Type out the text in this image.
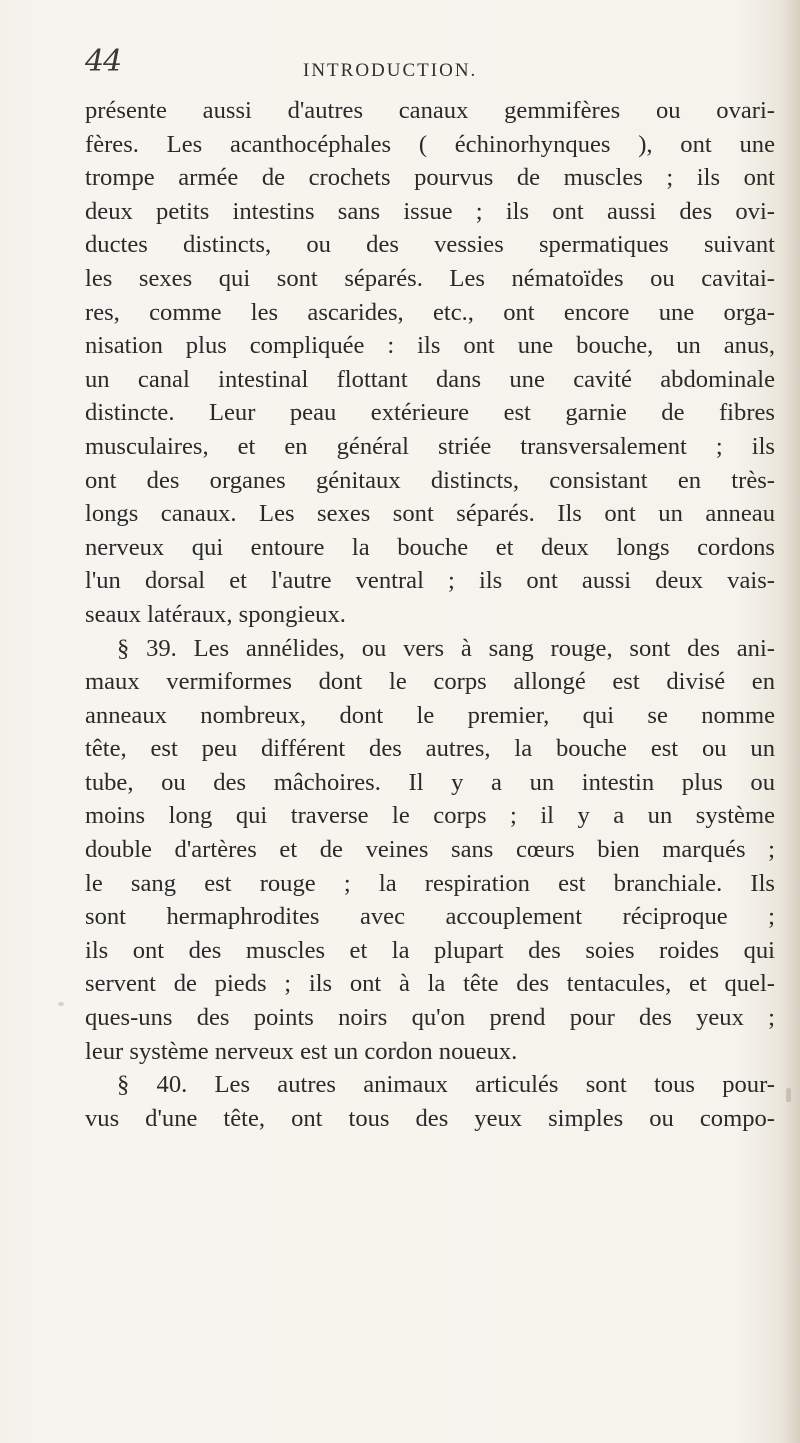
44	INTRODUCTION.
présente aussi d'autres canaux gemmifères ou ovari-
fères. Les acanthocéphales ( échinorhynques ), ont une
trompe armée de crochets pourvus de muscles ; ils ont
deux petits intestins sans issue ; ils ont aussi des ovi-
ductes distincts, ou des vessies spermatiques suivant
les sexes qui sont séparés. Les nématoïdes ou cavitai-
res, comme les ascarides, etc., ont encore une orga-
nisation plus compliquée : ils ont une bouche, un anus,
un canal intestinal flottant dans une cavité abdominale
distincte. Leur peau extérieure est garnie de fibres
musculaires, et en général striée transversalement ; ils
ont des organes génitaux distincts, consistant en très-
longs canaux. Les sexes sont séparés. Ils ont un anneau
nerveux qui entoure la bouche et deux longs cordons
l'un dorsal et l'autre ventral ; ils ont aussi deux vais-
seaux latéraux, spongieux.
§ 39. Les annélides, ou vers à sang rouge, sont des ani-
maux vermiformes dont le corps allongé est divisé en
anneaux nombreux, dont le premier, qui se nomme
tête, est peu différent des autres, la bouche est ou un
tube, ou des mâchoires. Il y a un intestin plus ou
moins long qui traverse le corps ; il y a un système
double d'artères et de veines sans cœurs bien marqués ;
le sang est rouge ; la respiration est branchiale. Ils
sont hermaphrodites avec accouplement réciproque ;
ils ont des muscles et la plupart des soies roides qui
servent de pieds ; ils ont à la tête des tentacules, et quel-
ques-uns des points noirs qu'on prend pour des yeux ;
leur système nerveux est un cordon noueux.
§ 40. Les autres animaux articulés sont tous pour-
vus d'une tête, ont tous des yeux simples ou compo-
